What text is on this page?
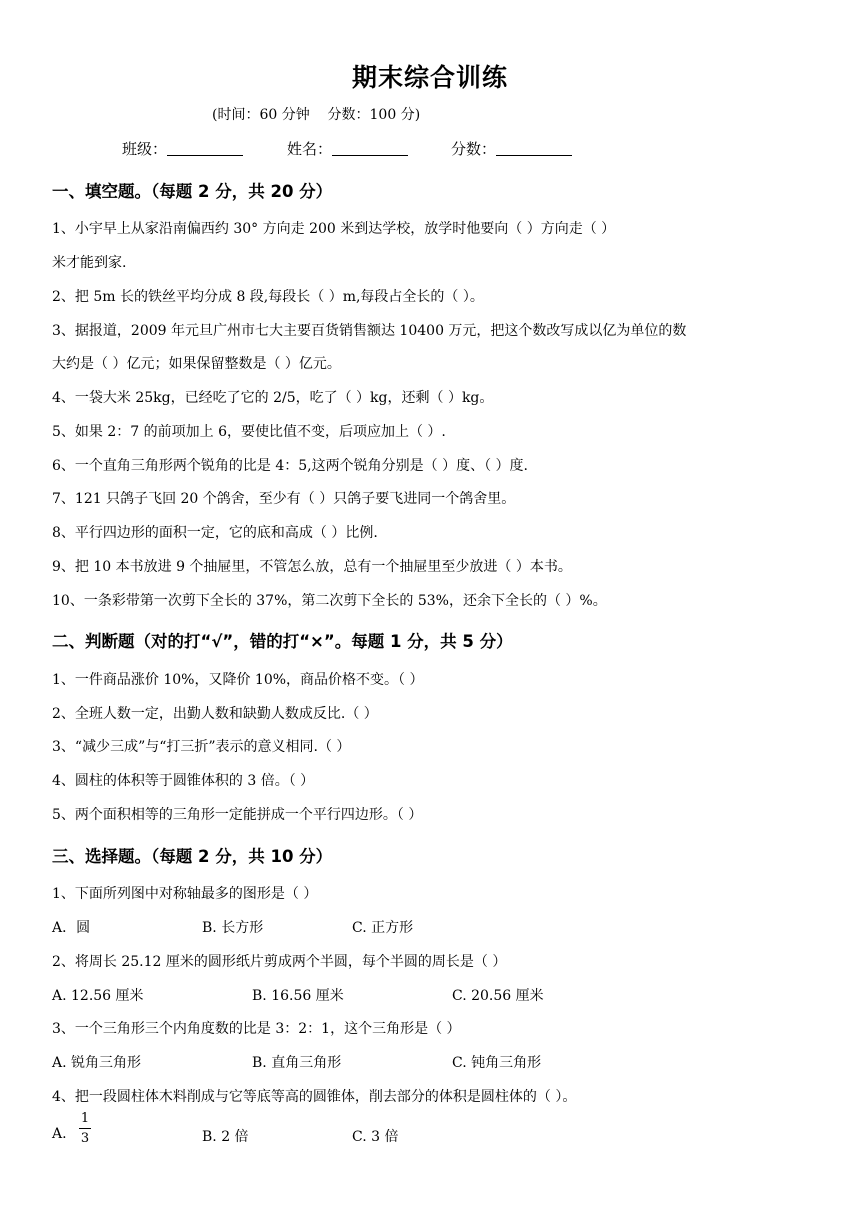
期末综合训练
(时间：60 分钟    分数：100 分)
班级：	姓名：	分数：
一、填空题。（每题 2 分，共 20 分）
1、小宇早上从家沿南偏西约 30° 方向走 200 米到达学校，放学时他要向（ ）方向走（ ）
米才能到家.
2、把 5m 长的铁丝平均分成 8 段,每段长（ ）m,每段占全长的（ ）。
3、据报道，2009 年元旦广州市七大主要百货销售额达 10400 万元，把这个数改写成以亿为单位的数
大约是（ ）亿元；如果保留整数是（ ）亿元。
4、一袋大米 25kg，已经吃了它的 2/5，吃了（ ）kg，还剩（ ）kg。
5、如果 2：7 的前项加上 6，要使比值不变，后项应加上（ ）.
6、一个直角三角形两个锐角的比是 4：5,这两个锐角分别是（ ）度、（ ）度.
7、121 只鸽子飞回 20 个鸽舍，至少有（ ）只鸽子要飞进同一个鸽舍里。
8、平行四边形的面积一定，它的底和高成（ ）比例.
9、把 10 本书放进 9 个抽屉里，不管怎么放，总有一个抽屉里至少放进（ ）本书。
10、一条彩带第一次剪下全长的 37%，第二次剪下全长的 53%，还余下全长的（ ）%。
二、判断题（对的打“√”，错的打“×”。每题 1 分，共 5 分）
1、一件商品涨价 10%，又降价 10%，商品价格不变。（ ）
2、全班人数一定，出勤人数和缺勤人数成反比.（ ）
3、“减少三成”与“打三折”表示的意义相同.（ ）
4、圆柱的体积等于圆锥体积的 3 倍。（ ）
5、两个面积相等的三角形一定能拼成一个平行四边形。（ ）
三、选择题。（每题 2 分，共 10 分）
1、下面所列图中对称轴最多的图形是（ ）
A．圆	B. 长方形	C. 正方形
2、将周长 25.12 厘米的圆形纸片剪成两个半圆，每个半圆的周长是（ ）
A. 12.56 厘米	B. 16.56 厘米	C. 20.56 厘米
3、一个三角形三个内角度数的比是 3：2：1，这个三角形是（ ）
A. 锐角三角形	B. 直角三角形	C. 钝角三角形
4、把一段圆柱体木料削成与它等底等高的圆锥体，削去部分的体积是圆柱体的（ ）。
A.
1
3	B. 2 倍	C. 3 倍
